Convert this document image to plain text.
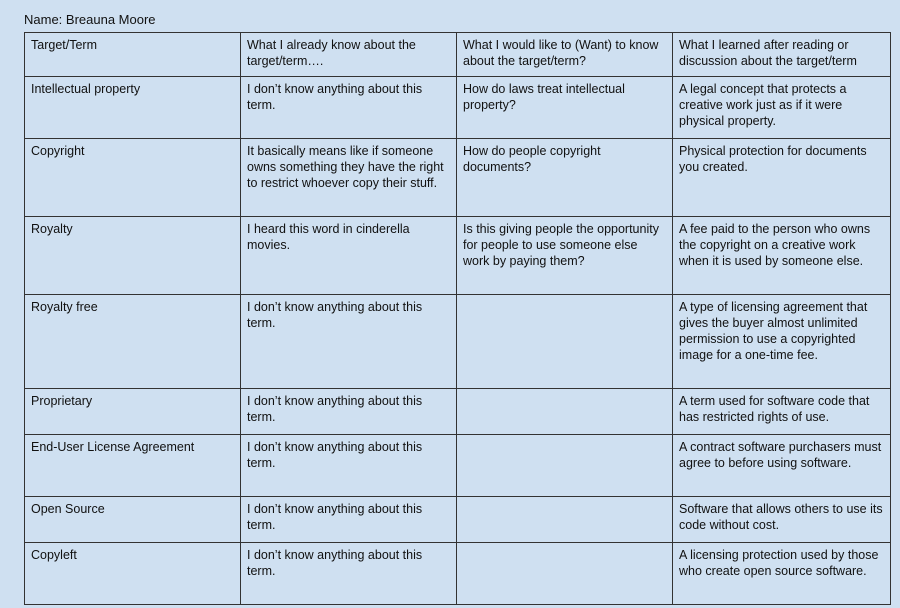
Name: Breauna Moore
Target/Term	What I already know about the target/term….	What I would like to (Want) to know about the target/term?	What I learned after reading or discussion about the target/term
Intellectual property	I don’t know anything about this term.	How do laws treat intellectual property?	A legal concept that protects a creative work just as if it were physical property.
Copyright	It basically means like if someone owns something they have the right to restrict whoever copy their stuff.	How do people copyright documents?	Physical protection for documents you created.
Royalty	I heard this word in cinderella movies.	Is this giving people the opportunity for people to use someone else work by paying them?	A fee paid to the person who owns the copyright on a creative work when it is used by someone else.
Royalty free	I don’t know anything about this term.		A type of licensing agreement that gives the buyer almost unlimited permission to use a copyrighted image for a one-time fee.
Proprietary	I don’t know anything about this term.		A term used for software code that has restricted rights of use.
End-User License Agreement	I don’t know anything about this term.		A contract software purchasers must agree to before using software.
Open Source	I don’t know anything about this term.		Software that allows others to use its code without cost.
Copyleft	I don’t know anything about this term.		A licensing protection used by those who create open source software.
